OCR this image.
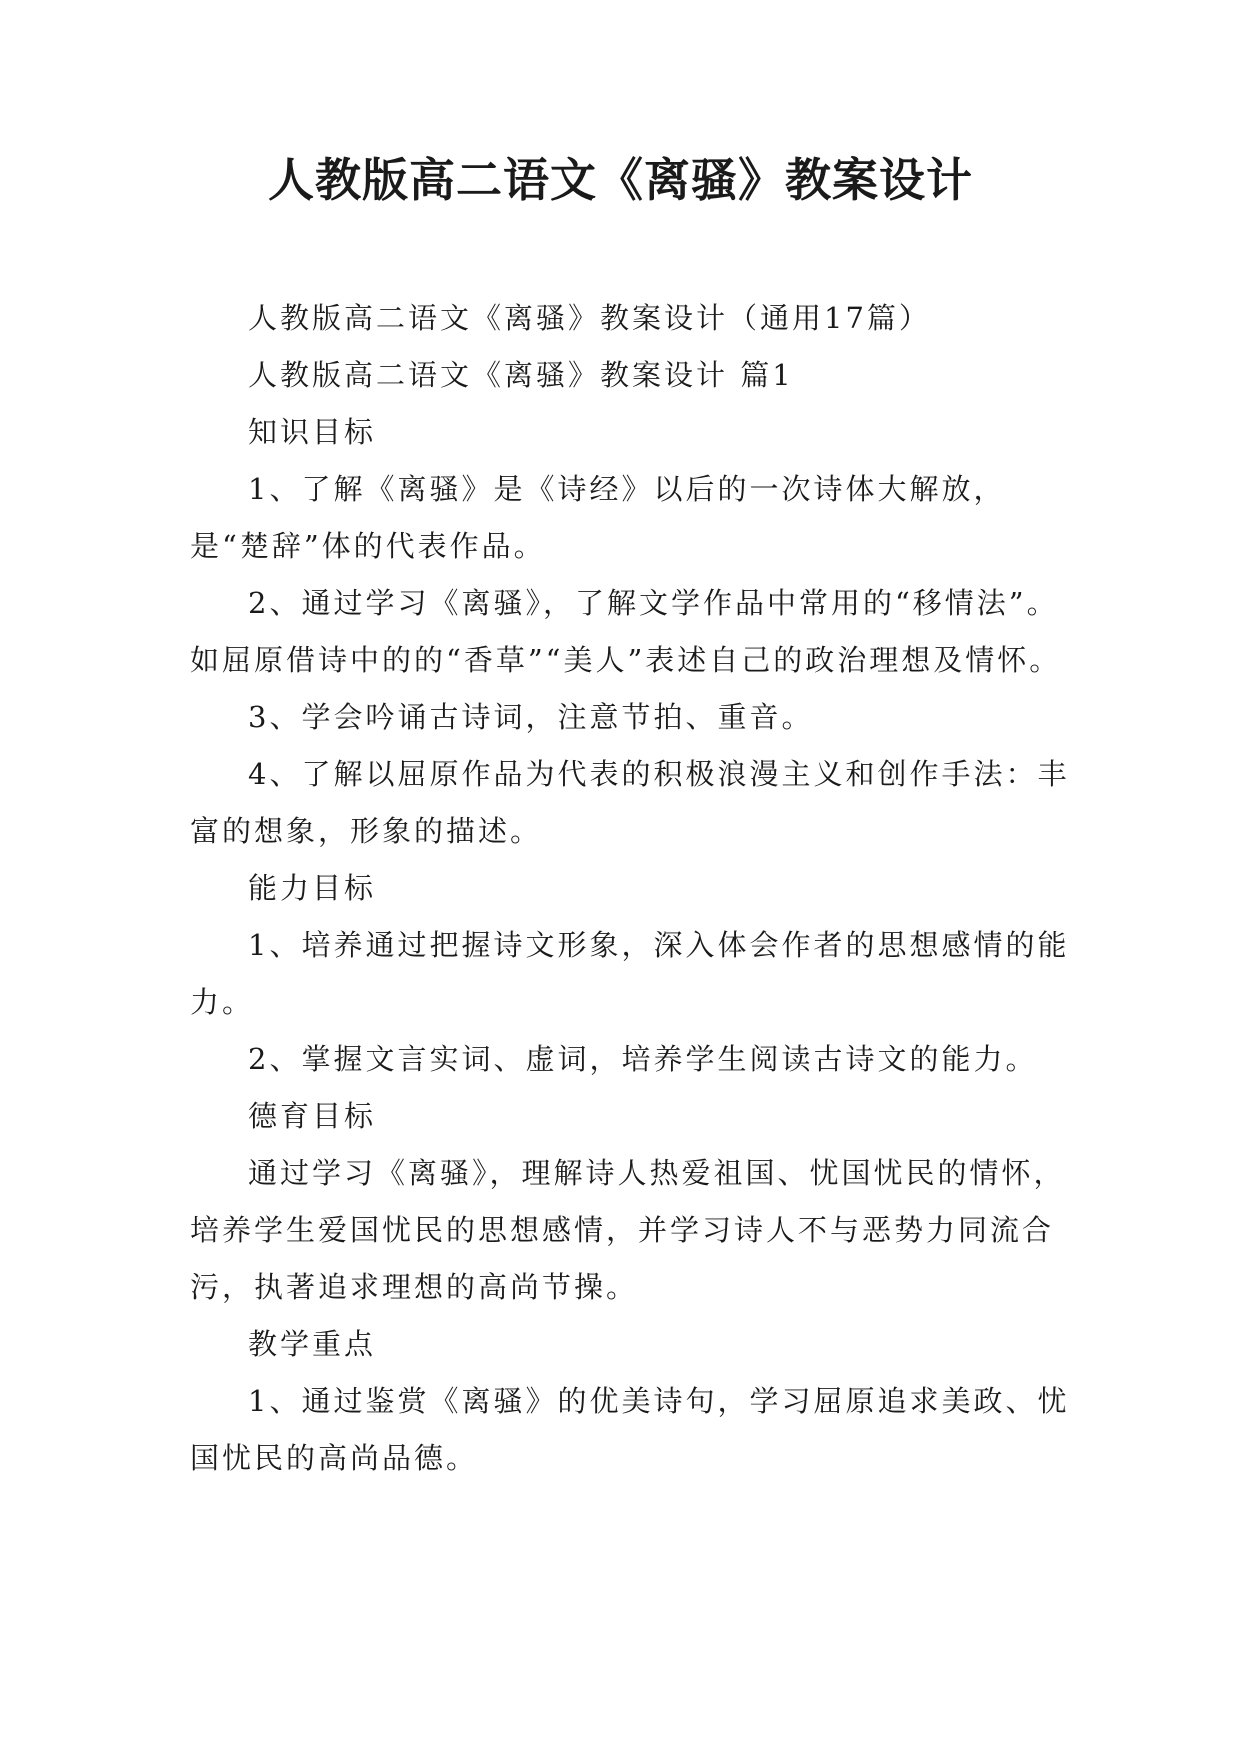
人教版高二语文《离骚》教案设计

人教版高二语文《离骚》教案设计（通用17篇）

人教版高二语文《离骚》教案设计 篇1

知识目标

1、了解《离骚》是《诗经》以后的一次诗体大解放，是“楚辞”体的代表作品。

2、通过学习《离骚》，了解文学作品中常用的“移情法”。如屈原借诗中的的“香草”“美人”表述自己的政治理想及情怀。

3、学会吟诵古诗词，注意节拍、重音。

4、了解以屈原作品为代表的积极浪漫主义和创作手法：丰富的想象，形象的描述。

能力目标

1、培养通过把握诗文形象，深入体会作者的思想感情的能力。

2、掌握文言实词、虚词，培养学生阅读古诗文的能力。

德育目标

通过学习《离骚》，理解诗人热爱祖国、忧国忧民的情怀，培养学生爱国忧民的思想感情，并学习诗人不与恶势力同流合污，执著追求理想的高尚节操。

教学重点

1、通过鉴赏《离骚》的优美诗句，学习屈原追求美政、忧国忧民的高尚品德。
